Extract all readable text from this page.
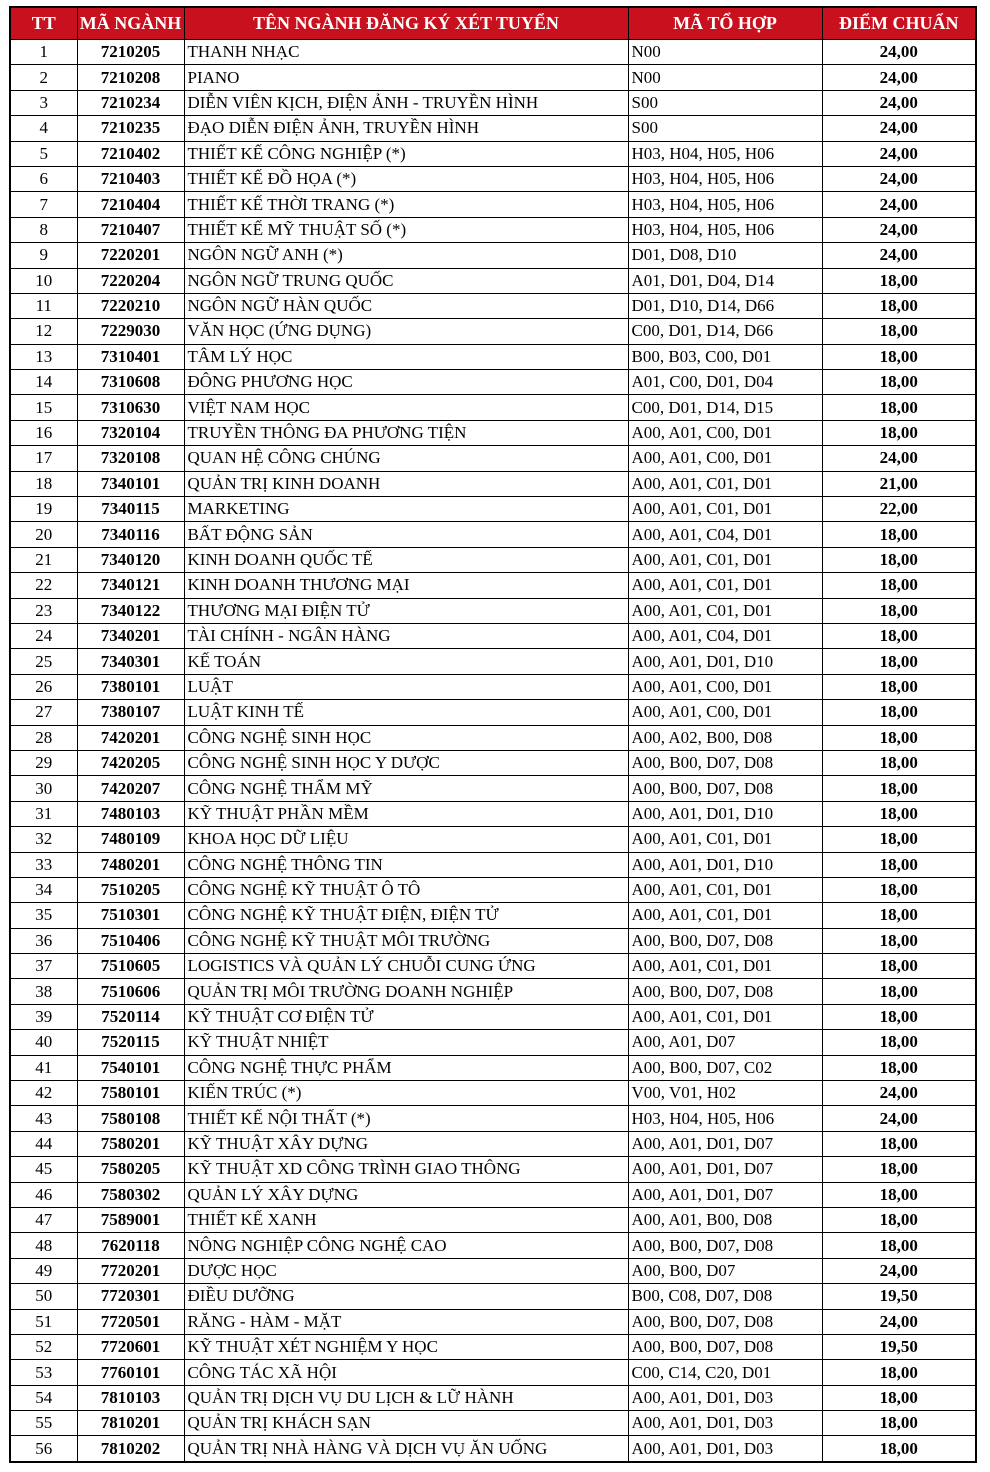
TT	MÃ NGÀNH	TÊN NGÀNH ĐĂNG KÝ XÉT TUYỂN	MÃ TỔ HỢP	ĐIỂM CHUẨN
1	7210205	THANH NHẠC	N00	24,00
2	7210208	PIANO	N00	24,00
3	7210234	DIỄN VIÊN KỊCH, ĐIỆN ẢNH - TRUYỀN HÌNH	S00	24,00
4	7210235	ĐẠO DIỄN ĐIỆN ẢNH, TRUYỀN HÌNH	S00	24,00
5	7210402	THIẾT KẾ CÔNG NGHIỆP (*)	H03, H04, H05, H06	24,00
6	7210403	THIẾT KẾ ĐỒ HỌA (*)	H03, H04, H05, H06	24,00
7	7210404	THIẾT KẾ THỜI TRANG (*)	H03, H04, H05, H06	24,00
8	7210407	THIẾT KẾ MỸ THUẬT SỐ (*)	H03, H04, H05, H06	24,00
9	7220201	NGÔN NGỮ ANH (*)	D01, D08, D10	24,00
10	7220204	NGÔN NGỮ TRUNG QUỐC	A01, D01, D04, D14	18,00
11	7220210	NGÔN NGỮ HÀN QUỐC	D01, D10, D14, D66	18,00
12	7229030	VĂN HỌC (ỨNG DỤNG)	C00, D01, D14, D66	18,00
13	7310401	TÂM LÝ HỌC	B00, B03, C00, D01	18,00
14	7310608	ĐÔNG PHƯƠNG HỌC	A01, C00, D01, D04	18,00
15	7310630	VIỆT NAM HỌC	C00, D01, D14, D15	18,00
16	7320104	TRUYỀN THÔNG ĐA PHƯƠNG TIỆN	A00, A01, C00, D01	18,00
17	7320108	QUAN HỆ CÔNG CHÚNG	A00, A01, C00, D01	24,00
18	7340101	QUẢN TRỊ KINH DOANH	A00, A01, C01, D01	21,00
19	7340115	MARKETING	A00, A01, C01, D01	22,00
20	7340116	BẤT ĐỘNG SẢN	A00, A01, C04, D01	18,00
21	7340120	KINH DOANH QUỐC TẾ	A00, A01, C01, D01	18,00
22	7340121	KINH DOANH THƯƠNG MẠI	A00, A01, C01, D01	18,00
23	7340122	THƯƠNG MẠI ĐIỆN TỬ	A00, A01, C01, D01	18,00
24	7340201	TÀI CHÍNH - NGÂN HÀNG	A00, A01, C04, D01	18,00
25	7340301	KẾ TOÁN	A00, A01, D01, D10	18,00
26	7380101	LUẬT	A00, A01, C00, D01	18,00
27	7380107	LUẬT KINH TẾ	A00, A01, C00, D01	18,00
28	7420201	CÔNG NGHỆ SINH HỌC	A00, A02, B00, D08	18,00
29	7420205	CÔNG NGHỆ SINH HỌC Y DƯỢC	A00, B00, D07, D08	18,00
30	7420207	CÔNG NGHỆ THẨM MỸ	A00, B00, D07, D08	18,00
31	7480103	KỸ THUẬT PHẦN MỀM	A00, A01, D01, D10	18,00
32	7480109	KHOA HỌC DỮ LIỆU	A00, A01, C01, D01	18,00
33	7480201	CÔNG NGHỆ THÔNG TIN	A00, A01, D01, D10	18,00
34	7510205	CÔNG NGHỆ KỸ THUẬT Ô TÔ	A00, A01, C01, D01	18,00
35	7510301	CÔNG NGHỆ KỸ THUẬT ĐIỆN, ĐIỆN TỬ	A00, A01, C01, D01	18,00
36	7510406	CÔNG NGHỆ KỸ THUẬT MÔI TRƯỜNG	A00, B00, D07, D08	18,00
37	7510605	LOGISTICS VÀ QUẢN LÝ CHUỖI CUNG ỨNG	A00, A01, C01, D01	18,00
38	7510606	QUẢN TRỊ MÔI TRƯỜNG DOANH NGHIỆP	A00, B00, D07, D08	18,00
39	7520114	KỸ THUẬT CƠ ĐIỆN TỬ	A00, A01, C01, D01	18,00
40	7520115	KỸ THUẬT NHIỆT	A00, A01, D07	18,00
41	7540101	CÔNG NGHỆ THỰC PHẨM	A00, B00, D07, C02	18,00
42	7580101	KIẾN TRÚC (*)	V00, V01, H02	24,00
43	7580108	THIẾT KẾ NỘI THẤT (*)	H03, H04, H05, H06	24,00
44	7580201	KỸ THUẬT XÂY DỰNG	A00, A01, D01, D07	18,00
45	7580205	KỸ THUẬT XD CÔNG TRÌNH GIAO THÔNG	A00, A01, D01, D07	18,00
46	7580302	QUẢN LÝ XÂY DỰNG	A00, A01, D01, D07	18,00
47	7589001	THIẾT KẾ XANH	A00, A01, B00, D08	18,00
48	7620118	NÔNG NGHIỆP CÔNG NGHỆ CAO	A00, B00, D07, D08	18,00
49	7720201	DƯỢC HỌC	A00, B00, D07	24,00
50	7720301	ĐIỀU DƯỠNG	B00, C08, D07, D08	19,50
51	7720501	RĂNG - HÀM - MẶT	A00, B00, D07, D08	24,00
52	7720601	KỸ THUẬT XÉT NGHIỆM Y HỌC	A00, B00, D07, D08	19,50
53	7760101	CÔNG TÁC XÃ HỘI	C00, C14, C20, D01	18,00
54	7810103	QUẢN TRỊ DỊCH VỤ DU LỊCH & LỮ HÀNH	A00, A01, D01, D03	18,00
55	7810201	QUẢN TRỊ KHÁCH SẠN	A00, A01, D01, D03	18,00
56	7810202	QUẢN TRỊ NHÀ HÀNG VÀ DỊCH VỤ ĂN UỐNG	A00, A01, D01, D03	18,00
